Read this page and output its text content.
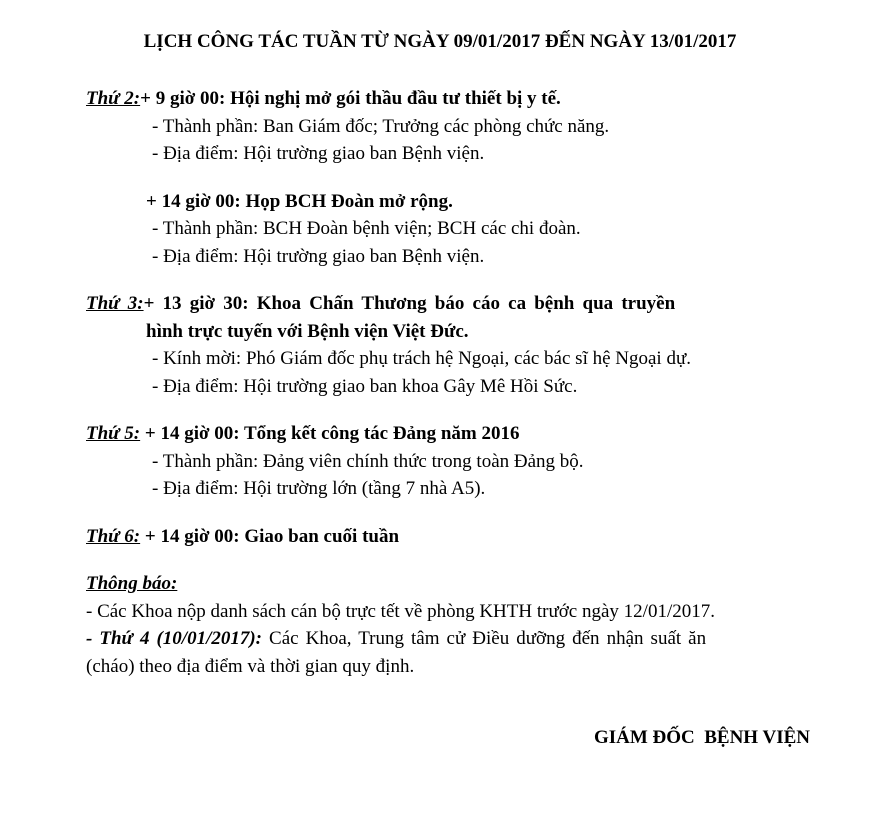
LỊCH CÔNG TÁC TUẦN TỪ NGÀY 09/01/2017 ĐẾN NGÀY 13/01/2017

Thứ 2:+ 9 giờ 00: Hội nghị mở gói thầu đầu tư thiết bị y tế.

- Thành phần: Ban Giám đốc; Trưởng các phòng chức năng.

- Địa điểm: Hội trường giao ban Bệnh viện.

+ 14 giờ 00: Họp BCH Đoàn mở rộng.

- Thành phần: BCH Đoàn bệnh viện; BCH các chi đoàn.

- Địa điểm: Hội trường giao ban Bệnh viện.

Thứ 3:+ 13 giờ 30: Khoa Chấn Thương báo cáo ca bệnh qua truyền

hình trực tuyến với Bệnh viện Việt Đức.

- Kính mời: Phó Giám đốc phụ trách hệ Ngoại, các bác sĩ hệ Ngoại dự.

- Địa điểm: Hội trường giao ban khoa Gây Mê Hồi Sức.

Thứ 5: + 14 giờ 00: Tổng kết công tác Đảng năm 2016

- Thành phần: Đảng viên chính thức trong toàn Đảng bộ.

- Địa điểm: Hội trường lớn (tầng 7 nhà A5).

Thứ 6: + 14 giờ 00: Giao ban cuối tuần

Thông báo:

- Các Khoa nộp danh sách cán bộ trực tết về phòng KHTH trước ngày 12/01/2017.

- Thứ 4 (10/01/2017): Các Khoa, Trung tâm cử Điều dưỡng đến nhận suất ăn

(cháo) theo địa điểm và thời gian quy định.

GIÁM ĐỐC  BỆNH VIỆN
